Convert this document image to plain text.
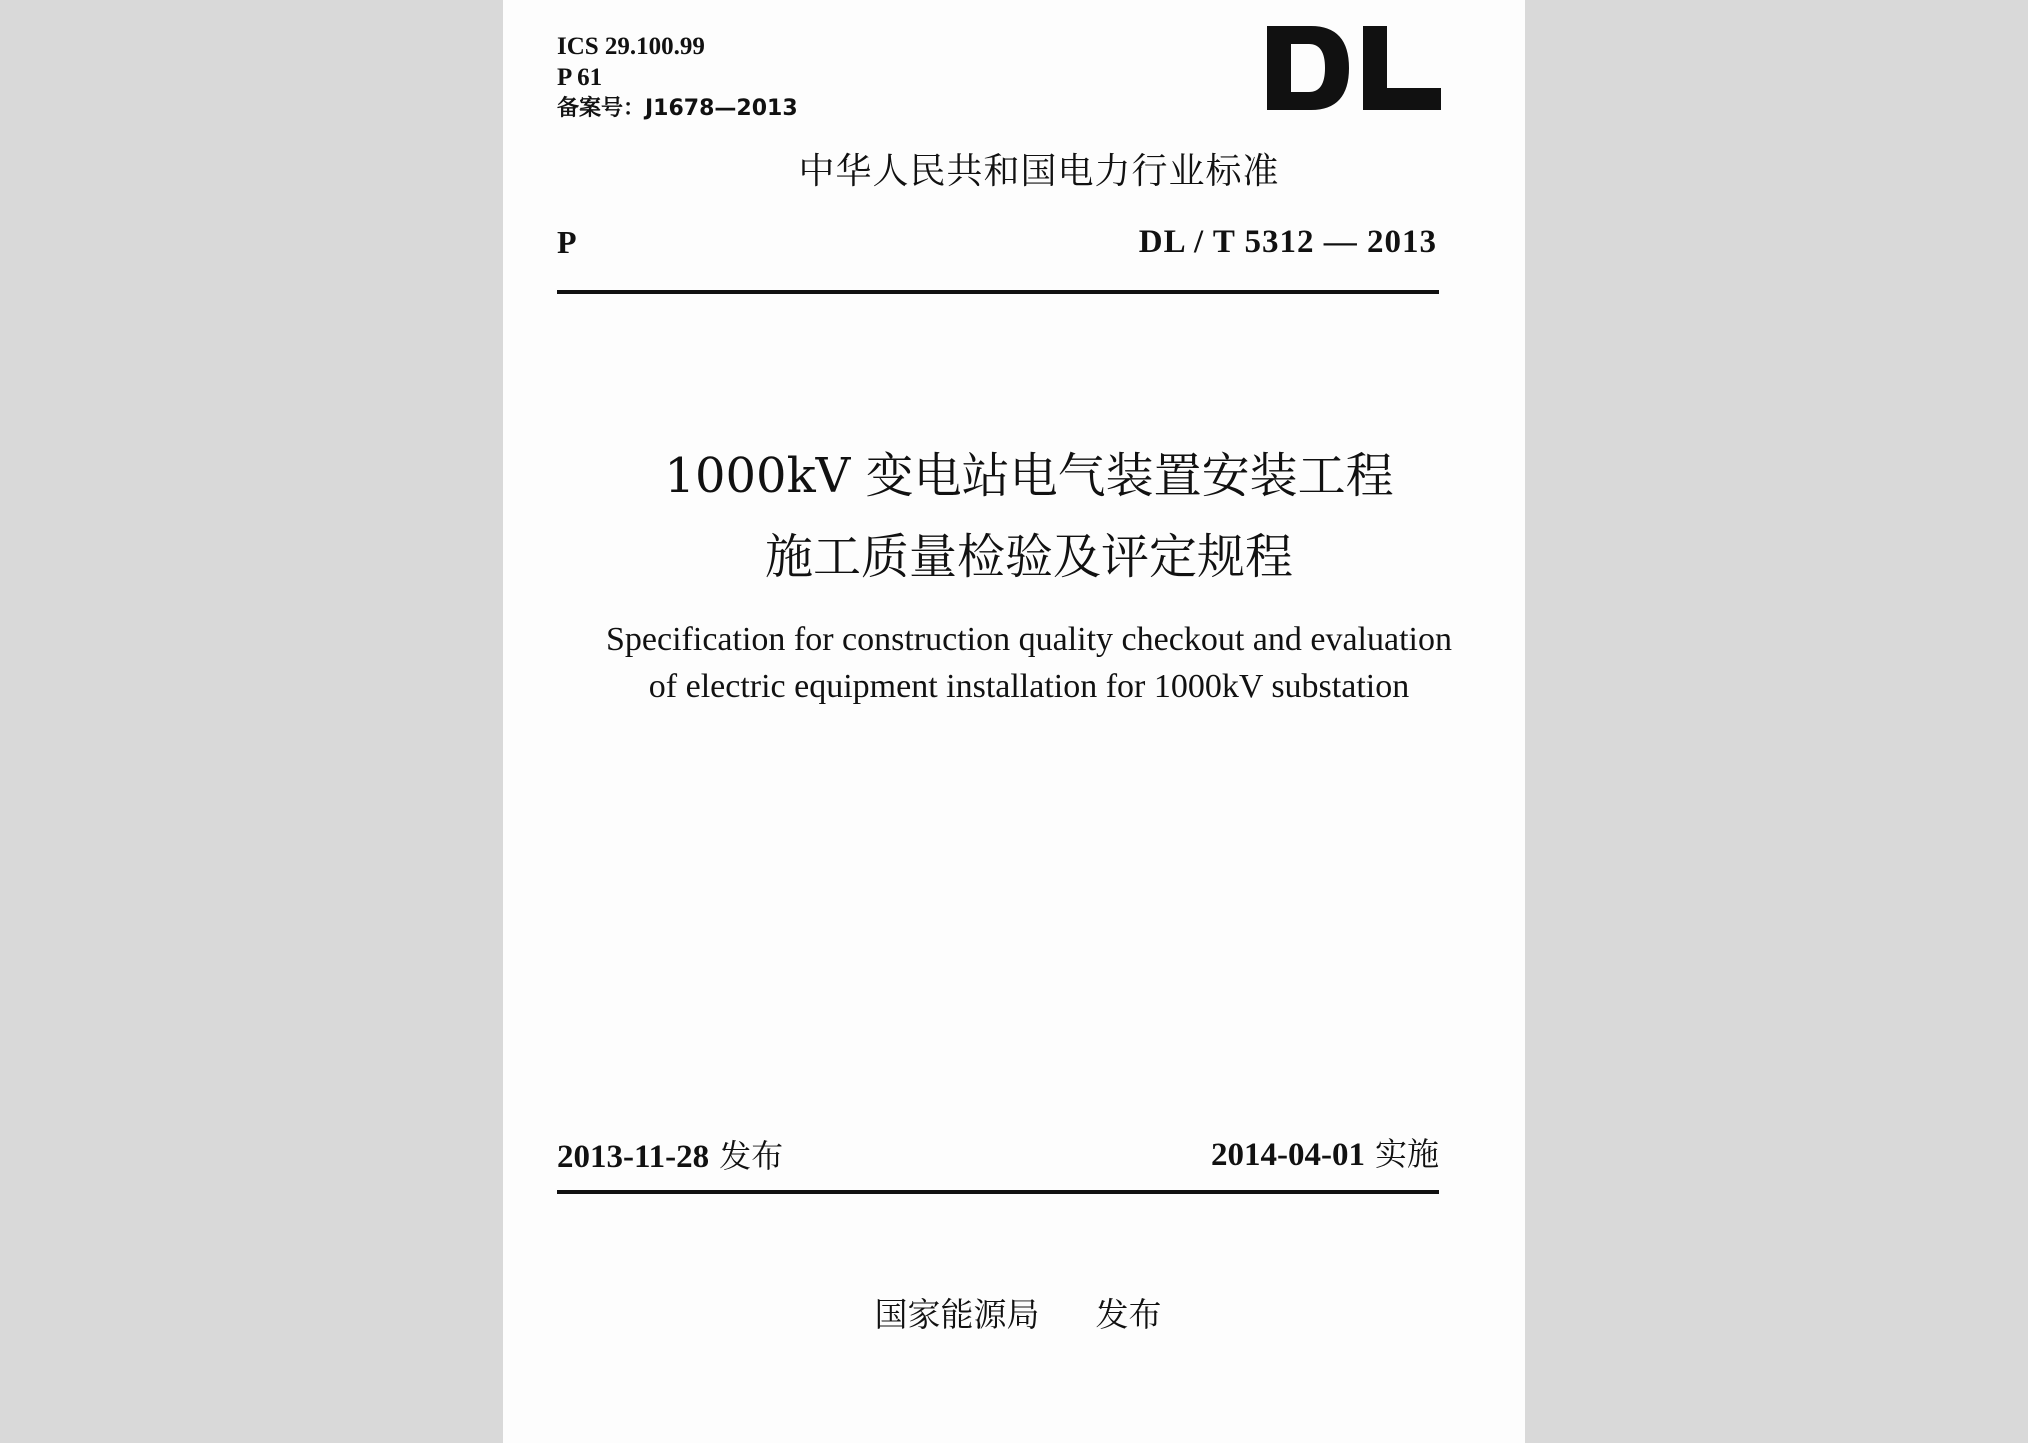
ICS 29.100.99
P 61
备案号：J1678—2013
中华人民共和国电力行业标准
P	DL / T 5312 — 2013
1000kV 变电站电气装置安装工程
施工质量检验及评定规程
Specification for construction quality checkout and evaluation
of electric equipment installation for 1000kV substation
2013-11-28 发布	2014-04-01 实施
国家能源局 发布
